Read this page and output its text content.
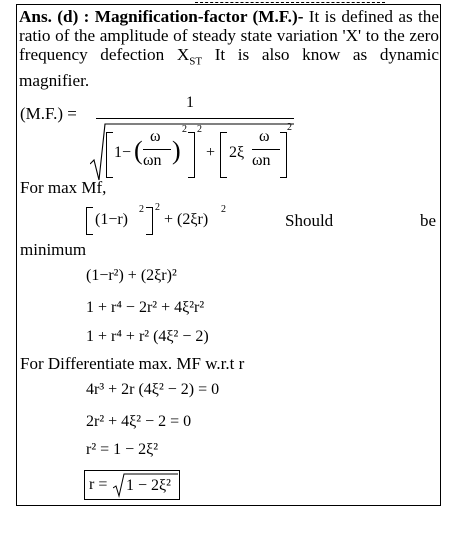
Ans. (d) : Magnification-factor (M.F.)- It is defined as the ratio of the amplitude of steady state variation 'X' to the zero frequency defection $X_{ST}$ It is also know as dynamic magnifier.
(M.F.) =
1
1− ( ω
ωn )
2 2
+ 2ξ
ω
ωn
2
For max Mf,
(1−r)
2 2
+ (2ξr)
2
Should	be
minimum
(1−r²) + (2ξr)²
1 + r⁴ − 2r² + 4ξ²r²
1 + r⁴ + r² (4ξ² − 2)
For Differentiate max. MF w.r.t r
4r³ + 2r (4ξ² − 2) = 0
2r² + 4ξ² − 2 = 0
r² = 1 − 2ξ²
r = 1 − 2ξ²
